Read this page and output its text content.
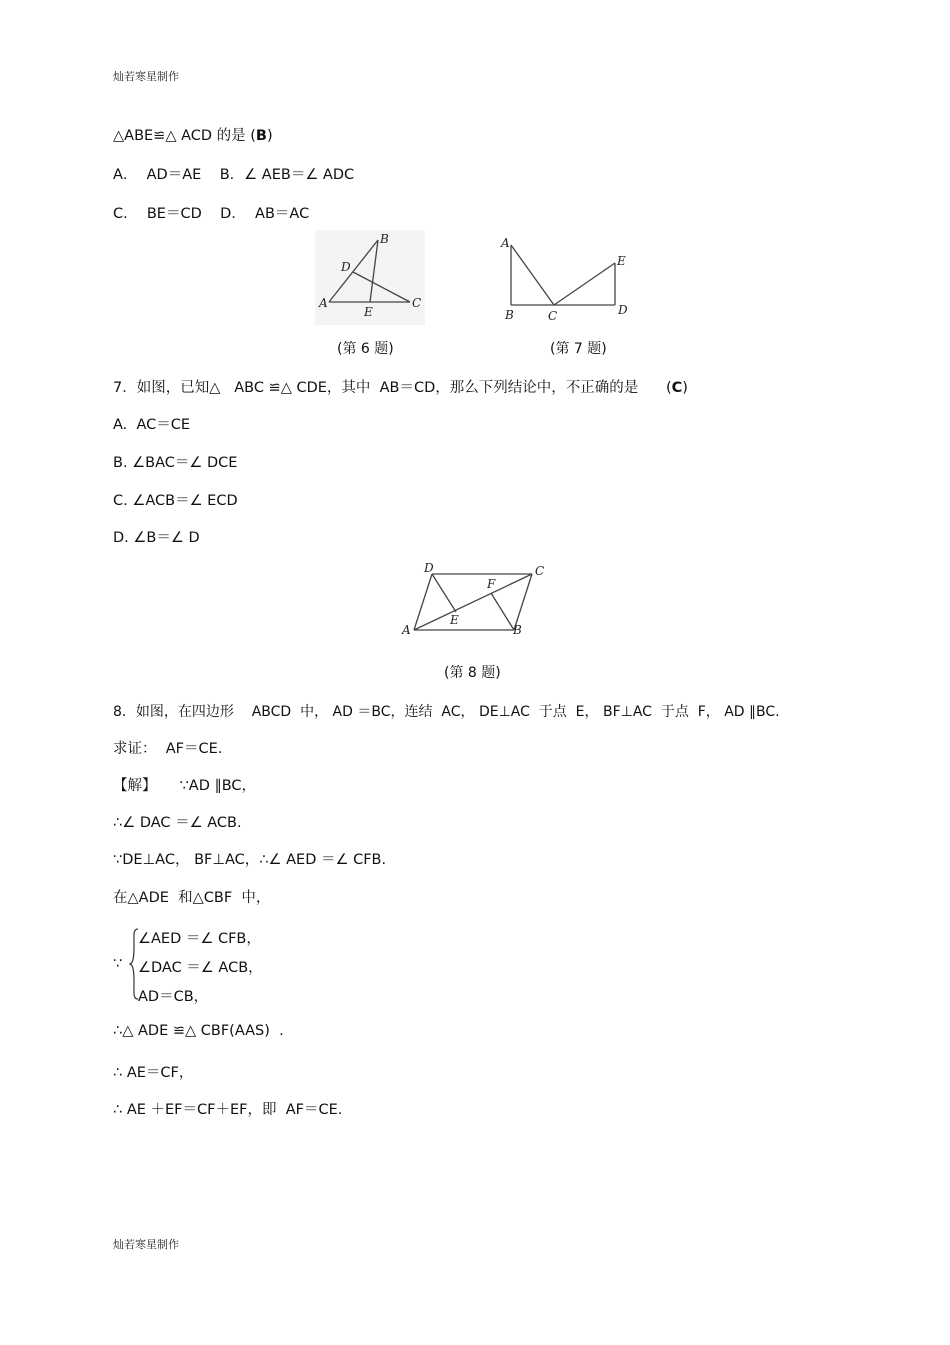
灿若寒星制作
△ABE≌△ ACD 的是 (B)
A．  AD＝AE    B．∠ AEB＝∠ ADC
C．  BE＝CD    D．  AB＝AC
A
B
C
D
E
(第 6 题)
A
B	C	D
E
(第 7 题)
7．如图，已知△   ABC ≌△ CDE，其中  AB＝CD，那么下列结论中，不正确的是      (C)
A.  AC＝CE
B. ∠BAC＝∠ DCE
C. ∠ACB＝∠ ECD
D. ∠B＝∠ D
A	B
C
D
E
F
(第 8 题)
8．如图，在四边形    ABCD  中， AD ＝BC，连结  AC， DE⊥AC  于点  E， BF⊥AC  于点  F， AD ∥BC.
求证：  AF＝CE.
【解】     ∵AD ∥BC，
∴∠ DAC ＝∠ ACB.
∵DE⊥AC， BF⊥AC，∴∠ AED ＝∠ CFB.
在△ADE  和△CBF  中，
∵
∠AED ＝∠ CFB，
∠DAC ＝∠ ACB，
AD＝CB，
∴△ ADE ≌△ CBF(AAS)  .
∴ AE＝CF，
∴ AE ＋EF＝CF＋EF，即  AF＝CE.
灿若寒星制作
